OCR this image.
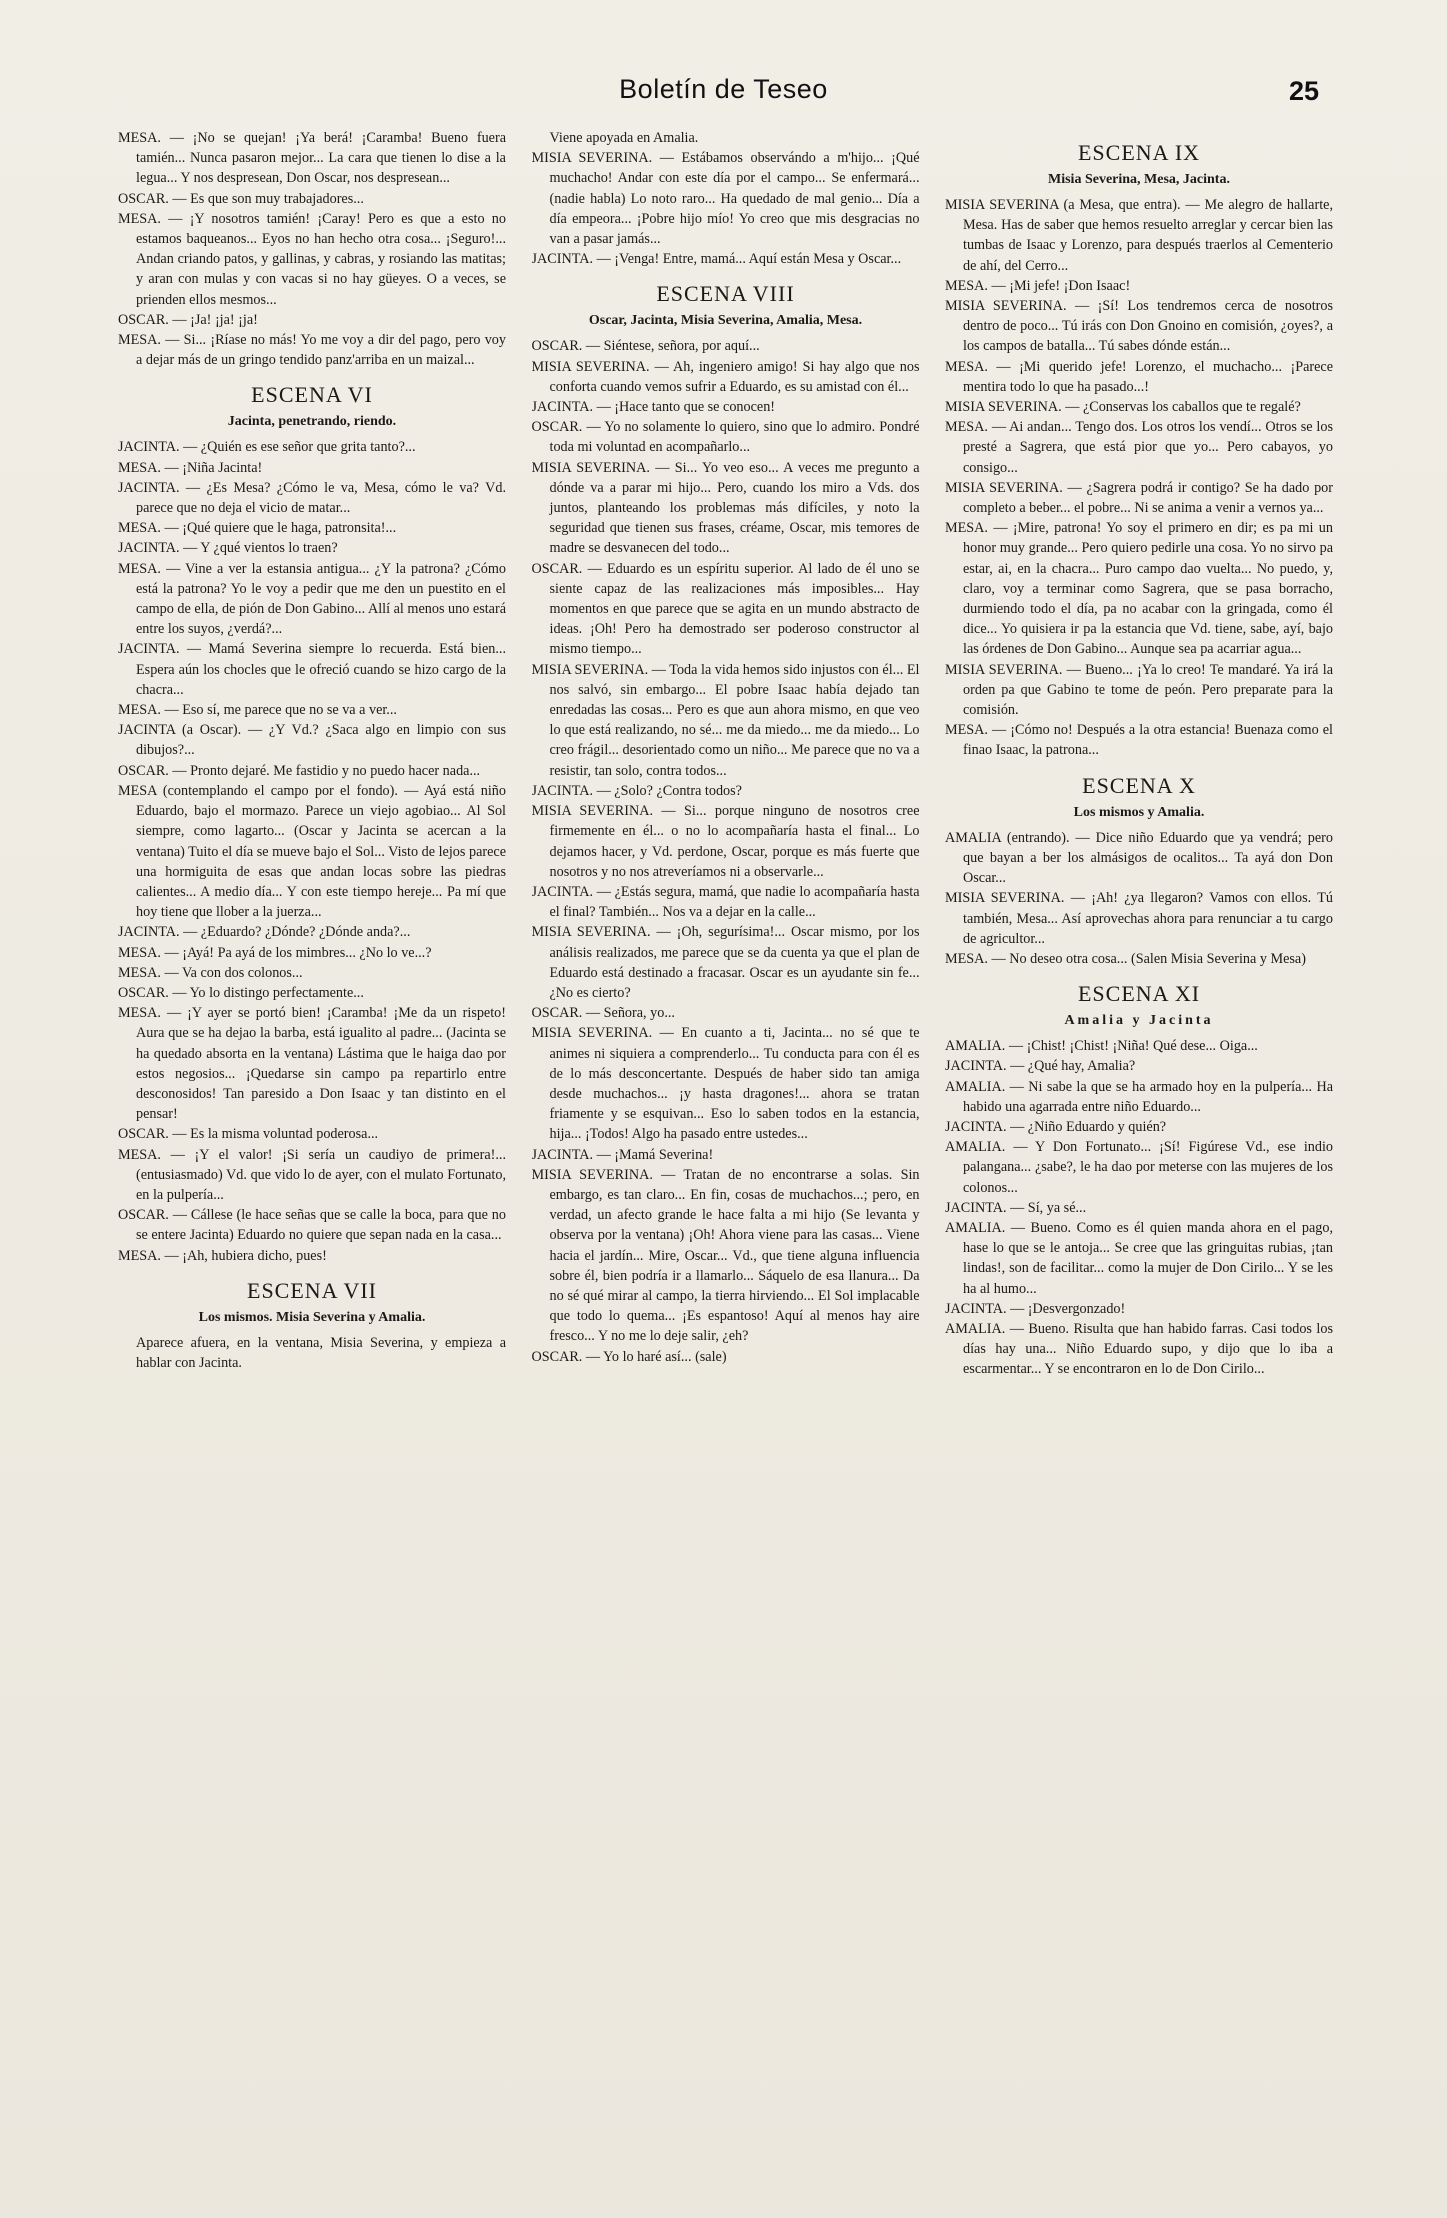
Boletín de Teseo	25

MESA. — ¡No se quejan! ¡Ya berá! ¡Caramba! Bueno fuera tamién... Nunca pasaron mejor... La cara que tienen lo dise a la legua... Y nos despresean, Don Oscar, nos despresean...

OSCAR. — Es que son muy trabajadores...

MESA. — ¡Y nosotros tamién! ¡Caray! Pero es que a esto no estamos baqueanos... Eyos no han hecho otra cosa... ¡Seguro!... Andan criando patos, y gallinas, y cabras, y rosiando las matitas; y aran con mulas y con vacas si no hay güeyes. O a veces, se prienden ellos mesmos...

OSCAR. — ¡Ja! ¡ja! ¡ja!

MESA. — Si... ¡Ríase no más! Yo me voy a dir del pago, pero voy a dejar más de un gringo tendido panz'arriba en un maizal...

ESCENA VI
Jacinta, penetrando, riendo.

JACINTA. — ¿Quién es ese señor que grita tanto?...

MESA. — ¡Niña Jacinta!

JACINTA. — ¿Es Mesa? ¿Cómo le va, Mesa, cómo le va? Vd. parece que no deja el vicio de matar...

MESA. — ¡Qué quiere que le haga, patronsita!...

JACINTA. — Y ¿qué vientos lo traen?

MESA. — Vine a ver la estansia antigua... ¿Y la patrona? ¿Cómo está la patrona? Yo le voy a pedir que me den un puestito en el campo de ella, de pión de Don Gabino... Allí al menos uno estará entre los suyos, ¿verdá?...

JACINTA. — Mamá Severina siempre lo recuerda. Está bien... Espera aún los chocles que le ofreció cuando se hizo cargo de la chacra...

MESA. — Eso sí, me parece que no se va a ver...

JACINTA (a Oscar). — ¿Y Vd.? ¿Saca algo en limpio con sus dibujos?...

OSCAR. — Pronto dejaré. Me fastidio y no puedo hacer nada...

MESA (contemplando el campo por el fondo). — Ayá está niño Eduardo, bajo el mormazo. Parece un viejo agobiao... Al Sol siempre, como lagarto... (Oscar y Jacinta se acercan a la ventana) Tuito el día se mueve bajo el Sol... Visto de lejos parece una hormiguita de esas que andan locas sobre las piedras calientes... A medio día... Y con este tiempo hereje... Pa mí que hoy tiene que llober a la juerza...

JACINTA. — ¿Eduardo? ¿Dónde? ¿Dónde anda?...

MESA. — ¡Ayá! Pa ayá de los mimbres... ¿No lo ve...?

MESA. — Va con dos colonos...

OSCAR. — Yo lo distingo perfectamente...

MESA. — ¡Y ayer se portó bien! ¡Caramba! ¡Me da un rispeto! Aura que se ha dejao la barba, está igualito al padre... (Jacinta se ha quedado absorta en la ventana) Lástima que le haiga dao por estos negosios... ¡Quedarse sin campo pa repartirlo entre desconosidos! Tan paresido a Don Isaac y tan distinto en el pensar!

OSCAR. — Es la misma voluntad poderosa...

MESA. — ¡Y el valor! ¡Si sería un caudiyo de primera!... (entusiasmado) Vd. que vido lo de ayer, con el mulato Fortunato, en la pulpería...

OSCAR. — Cállese (le hace señas que se calle la boca, para que no se entere Jacinta) Eduardo no quiere que sepan nada en la casa...

MESA. — ¡Ah, hubiera dicho, pues!

ESCENA VII
Los mismos. Misia Severina y Amalia.

Aparece afuera, en la ventana, Misia Severina, y empieza a hablar con Jacinta.

Viene apoyada en Amalia.

MISIA SEVERINA. — Estábamos observándo a m'hijo... ¡Qué muchacho! Andar con este día por el campo... Se enfermará... (nadie habla) Lo noto raro... Ha quedado de mal genio... Día a día empeora... ¡Pobre hijo mío! Yo creo que mis desgracias no van a pasar jamás...

JACINTA. — ¡Venga! Entre, mamá... Aquí están Mesa y Oscar...

ESCENA VIII
Oscar, Jacinta, Misia Severina, Amalia, Mesa.

OSCAR. — Siéntese, señora, por aquí...

MISIA SEVERINA. — Ah, ingeniero amigo! Si hay algo que nos conforta cuando vemos sufrir a Eduardo, es su amistad con él...

JACINTA. — ¡Hace tanto que se conocen!

OSCAR. — Yo no solamente lo quiero, sino que lo admiro. Pondré toda mi voluntad en acompañarlo...

MISIA SEVERINA. — Si... Yo veo eso... A veces me pregunto a dónde va a parar mi hijo... Pero, cuando los miro a Vds. dos juntos, planteando los problemas más difíciles, y noto la seguridad que tienen sus frases, créame, Oscar, mis temores de madre se desvanecen del todo...

OSCAR. — Eduardo es un espíritu superior. Al lado de él uno se siente capaz de las realizaciones más imposibles... Hay momentos en que parece que se agita en un mundo abstracto de ideas. ¡Oh! Pero ha demostrado ser poderoso constructor al mismo tiempo...

MISIA SEVERINA. — Toda la vida hemos sido injustos con él... El nos salvó, sin embargo... El pobre Isaac había dejado tan enredadas las cosas... Pero es que aun ahora mismo, en que veo lo que está realizando, no sé... me da miedo... me da miedo... Lo creo frágil... desorientado como un niño... Me parece que no va a resistir, tan solo, contra todos...

JACINTA. — ¿Solo? ¿Contra todos?

MISIA SEVERINA. — Si... porque ninguno de nosotros cree firmemente en él... o no lo acompañaría hasta el final... Lo dejamos hacer, y Vd. perdone, Oscar, porque es más fuerte que nosotros y no nos atreveríamos ni a observarle...

JACINTA. — ¿Estás segura, mamá, que nadie lo acompañaría hasta el final? También... Nos va a dejar en la calle...

MISIA SEVERINA. — ¡Oh, segurísima!... Oscar mismo, por los análisis realizados, me parece que se da cuenta ya que el plan de Eduardo está destinado a fracasar. Oscar es un ayudante sin fe... ¿No es cierto?

OSCAR. — Señora, yo...

MISIA SEVERINA. — En cuanto a ti, Jacinta... no sé que te animes ni siquiera a comprenderlo... Tu conducta para con él es de lo más desconcertante. Después de haber sido tan amiga desde muchachos... ¡y hasta dragones!... ahora se tratan friamente y se esquivan... Eso lo saben todos en la estancia, hija... ¡Todos! Algo ha pasado entre ustedes...

JACINTA. — ¡Mamá Severina!

MISIA SEVERINA. — Tratan de no encontrarse a solas. Sin embargo, es tan claro... En fin, cosas de muchachos...; pero, en verdad, un afecto grande le hace falta a mi hijo (Se levanta y observa por la ventana) ¡Oh! Ahora viene para las casas... Viene hacia el jardín... Mire, Oscar... Vd., que tiene alguna influencia sobre él, bien podría ir a llamarlo... Sáquelo de esa llanura... Da no sé qué mirar al campo, la tierra hirviendo... El Sol implacable que todo lo quema... ¡Es espantoso! Aquí al menos hay aire fresco... Y no me lo deje salir, ¿eh?

OSCAR. — Yo lo haré así... (sale)

ESCENA IX
Misia Severina, Mesa, Jacinta.

MISIA SEVERINA (a Mesa, que entra). — Me alegro de hallarte, Mesa. Has de saber que hemos resuelto arreglar y cercar bien las tumbas de Isaac y Lorenzo, para después traerlos al Cementerio de ahí, del Cerro...

MESA. — ¡Mi jefe! ¡Don Isaac!

MISIA SEVERINA. — ¡Sí! Los tendremos cerca de nosotros dentro de poco... Tú irás con Don Gnoino en comisión, ¿oyes?, a los campos de batalla... Tú sabes dónde están...

MESA. — ¡Mi querido jefe! Lorenzo, el muchacho... ¡Parece mentira todo lo que ha pasado...!

MISIA SEVERINA. — ¿Conservas los caballos que te regalé?

MESA. — Ai andan... Tengo dos. Los otros los vendí... Otros se los presté a Sagrera, que está pior que yo... Pero cabayos, yo consigo...

MISIA SEVERINA. — ¿Sagrera podrá ir contigo? Se ha dado por completo a beber... el pobre... Ni se anima a venir a vernos ya...

MESA. — ¡Mire, patrona! Yo soy el primero en dir; es pa mi un honor muy grande... Pero quiero pedirle una cosa. Yo no sirvo pa estar, ai, en la chacra... Puro campo dao vuelta... No puedo, y, claro, voy a terminar como Sagrera, que se pasa borracho, durmiendo todo el día, pa no acabar con la gringada, como él dice... Yo quisiera ir pa la estancia que Vd. tiene, sabe, ayí, bajo las órdenes de Don Gabino... Aunque sea pa acarriar agua...

MISIA SEVERINA. — Bueno... ¡Ya lo creo! Te mandaré. Ya irá la orden pa que Gabino te tome de peón. Pero preparate para la comisión.

MESA. — ¡Cómo no! Después a la otra estancia! Buenaza como el finao Isaac, la patrona...

ESCENA X
Los mismos y Amalia.

AMALIA (entrando). — Dice niño Eduardo que ya vendrá; pero que bayan a ber los almásigos de ocalitos... Ta ayá don Don Oscar...

MISIA SEVERINA. — ¡Ah! ¿ya llegaron? Vamos con ellos. Tú también, Mesa... Así aprovechas ahora para renunciar a tu cargo de agricultor...

MESA. — No deseo otra cosa... (Salen Misia Severina y Mesa)

ESCENA XI
Amalia y Jacinta

AMALIA. — ¡Chist! ¡Chist! ¡Niña! Qué dese... Oiga...

JACINTA. — ¿Qué hay, Amalia?

AMALIA. — Ni sabe la que se ha armado hoy en la pulpería... Ha habido una agarrada entre niño Eduardo...

JACINTA. — ¿Niño Eduardo y quién?

AMALIA. — Y Don Fortunato... ¡Sí! Figúrese Vd., ese indio palangana... ¿sabe?, le ha dao por meterse con las mujeres de los colonos...

JACINTA. — Sí, ya sé...

AMALIA. — Bueno. Como es él quien manda ahora en el pago, hase lo que se le antoja... Se cree que las gringuitas rubias, ¡tan lindas!, son de facilitar... como la mujer de Don Cirilo... Y se les ha al humo...

JACINTA. — ¡Desvergonzado!

AMALIA. — Bueno. Risulta que han habido farras. Casi todos los días hay una... Niño Eduardo supo, y dijo que lo iba a escarmentar... Y se encontraron en lo de Don Cirilo...
